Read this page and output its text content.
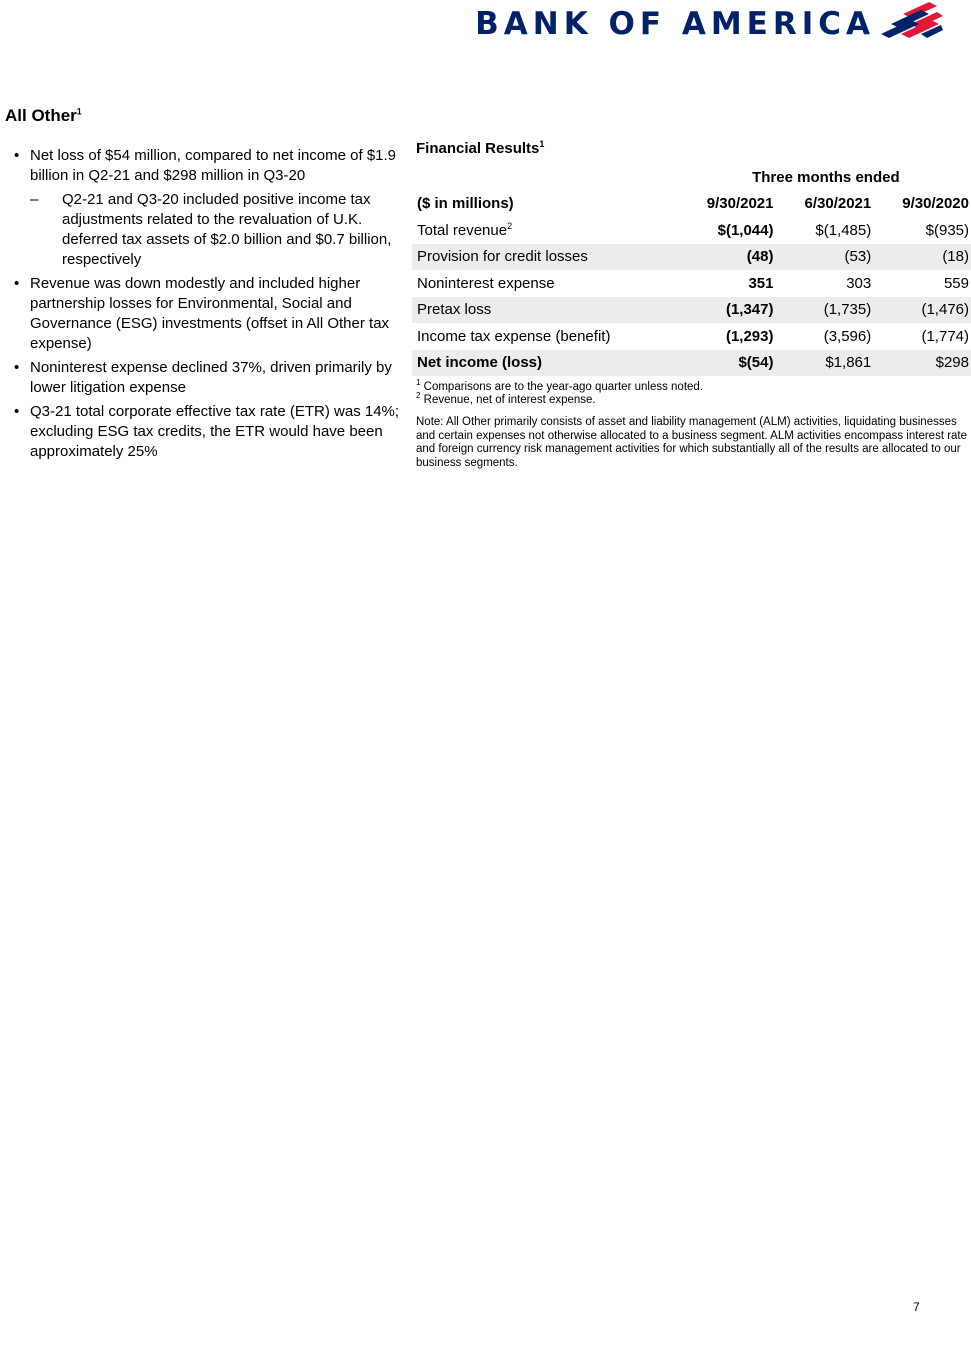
BANK OF AMERICA
All Other$^1$
• Net loss of $54 million, compared to net income of $1.9 billion in Q2-21 and $298 million in Q3-20
– Q2-21 and Q3-20 included positive income tax adjustments related to the revaluation of U.K. deferred tax assets of $2.0 billion and $0.7 billion, respectively
• Revenue was down modestly and included higher partnership losses for Environmental, Social and Governance (ESG) investments (offset in All Other tax expense)
• Noninterest expense declined 37%, driven primarily by lower litigation expense
• Q3-21 total corporate effective tax rate (ETR) was 14%; excluding ESG tax credits, the ETR would have been approximately 25%
Financial Results$^1$
	Three months ended		
($ in millions)	9/30/2021	6/30/2021	9/30/2020
Total revenue$^2$	$(1,044)	$(1,485)	$(935)
Provision for credit losses	(48)	(53)	(18)
Noninterest expense	351	303	559
Pretax loss	(1,347)	(1,735)	(1,476)
Income tax expense (benefit)	(1,293)	(3,596)	(1,774)
Net income (loss)	$(54)	$1,861	$298
$^1$ Comparisons are to the year-ago quarter unless noted.
$^2$ Revenue, net of interest expense.
Note: All Other primarily consists of asset and liability management (ALM) activities, liquidating businesses and certain expenses not otherwise allocated to a business segment. ALM activities encompass interest rate and foreign currency risk management activities for which substantially all of the results are allocated to our business segments.
7
